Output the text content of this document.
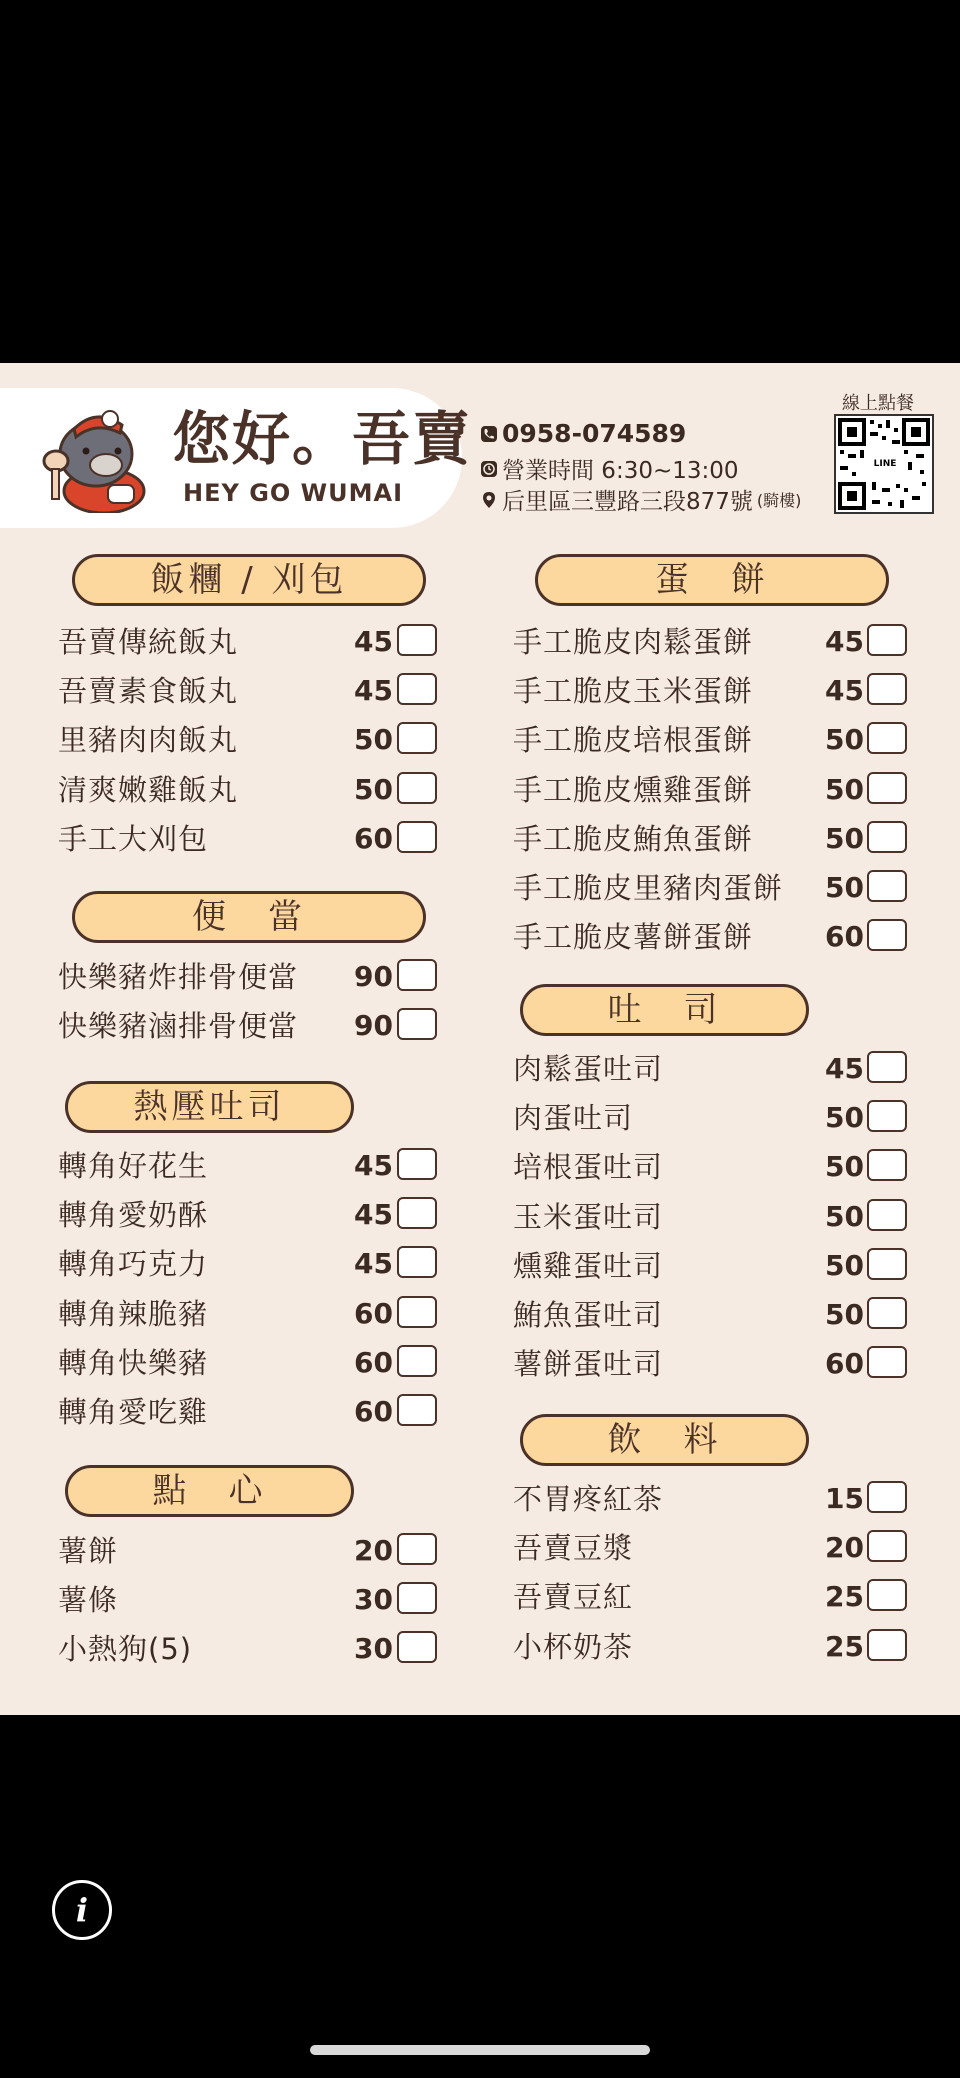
您好。吾賣
HEY GO WUMAI
0958-074589
營業時間 6:30~13:00
后里區三豐路三段877號 (騎樓)
線上點餐
LINE
飯糰 / 刈包
便　當
熱壓吐司
點　心
蛋　餅
吐　司
飲　料
吾賣傳統飯丸	45
吾賣素食飯丸	45
里豬肉肉飯丸	50
清爽嫩雞飯丸	50
手工大刈包	60
快樂豬炸排骨便當 90
快樂豬滷排骨便當 90
轉角好花生	45
轉角愛奶酥	45
轉角巧克力	45
轉角辣脆豬	60
轉角快樂豬	60
轉角愛吃雞	60
薯餅	20
薯條	30
小熱狗(5)	30
手工脆皮肉鬆蛋餅	45
手工脆皮玉米蛋餅	45
手工脆皮培根蛋餅	50
手工脆皮燻雞蛋餅	50
手工脆皮鮪魚蛋餅	50
手工脆皮里豬肉蛋餅 50
手工脆皮薯餅蛋餅	60
肉鬆蛋吐司	45
肉蛋吐司	50
培根蛋吐司	50
玉米蛋吐司	50
燻雞蛋吐司	50
鮪魚蛋吐司	50
薯餅蛋吐司	60
不胃疼紅茶	15
吾賣豆漿	20
吾賣豆紅	25
小杯奶茶	25
i
